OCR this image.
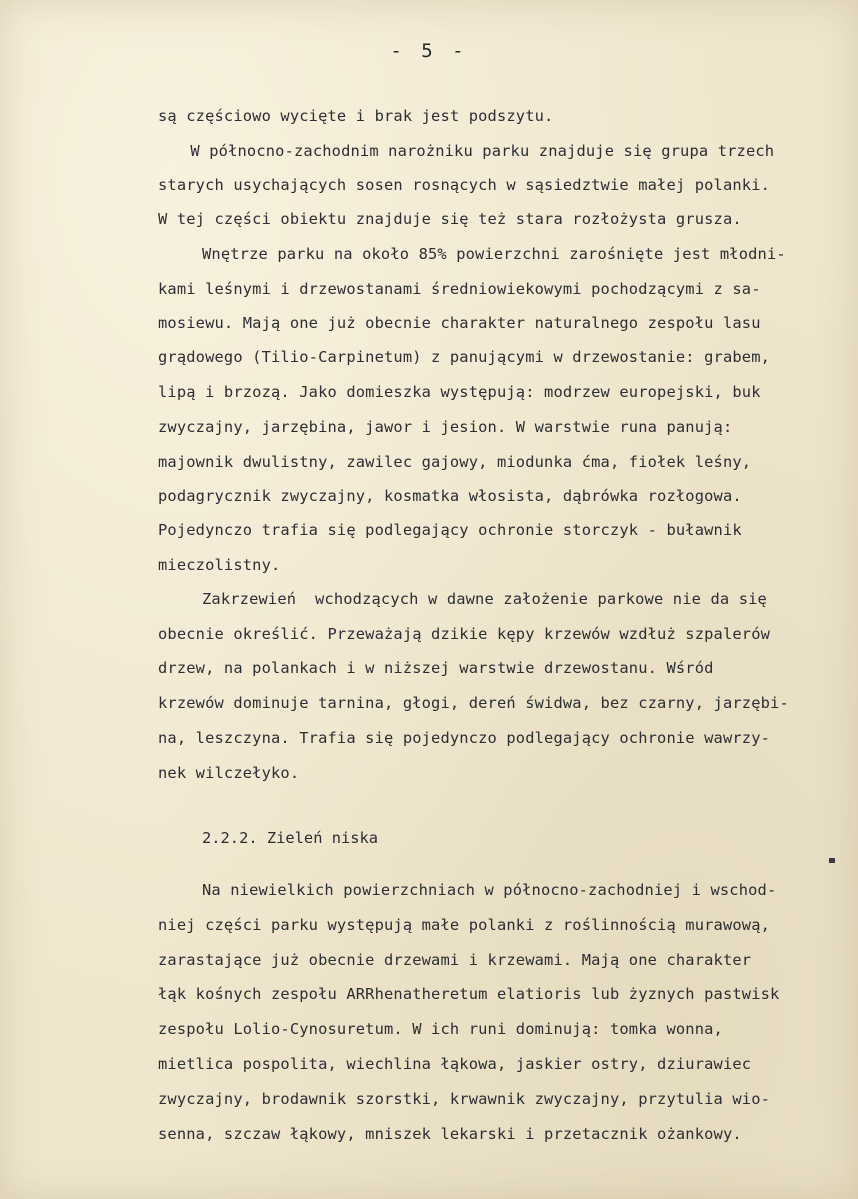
- 5 -
są częściowo wycięte i brak jest podszytu.
W północno-zachodnim narożniku parku znajduje się grupa trzech
starych usychających sosen rosnących w sąsiedztwie małej polanki.
W tej części obiektu znajduje się też stara rozłożysta grusza.
Wnętrze parku na około 85% powierzchni zarośnięte jest młodni-
kami leśnymi i drzewostanami średniowiekowymi pochodzącymi z sa-
mosiewu. Mają one już obecnie charakter naturalnego zespołu lasu
grądowego (Tilio-Carpinetum) z panującymi w drzewostanie: grabem,
lipą i brzozą. Jako domieszka występują: modrzew europejski, buk
zwyczajny, jarzębina, jawor i jesion. W warstwie runa panują:
majownik dwulistny, zawilec gajowy, miodunka ćma, fiołek leśny,
podagrycznik zwyczajny, kosmatka włosista, dąbrówka rozłogowa.
Pojedynczo trafia się podlegający ochronie storczyk - buławnik
mieczolistny.
Zakrzewień  wchodzących w dawne założenie parkowe nie da się
obecnie określić. Przeważają dzikie kępy krzewów wzdłuż szpalerów
drzew, na polankach i w niższej warstwie drzewostanu. Wśród
krzewów dominuje tarnina, głogi, dereń świdwa, bez czarny, jarzębi-
na, leszczyna. Trafia się pojedynczo podlegający ochronie wawrzy-
nek wilczełyko.
2.2.2. Zieleń niska
Na niewielkich powierzchniach w północno-zachodniej i wschod-
niej części parku występują małe polanki z roślinnością murawową,
zarastające już obecnie drzewami i krzewami. Mają one charakter
łąk kośnych zespołu ARRhenatheretum elatioris lub żyznych pastwisk
zespołu Lolio-Cynosuretum. W ich runi dominują: tomka wonna,
mietlica pospolita, wiechlina łąkowa, jaskier ostry, dziurawiec
zwyczajny, brodawnik szorstki, krwawnik zwyczajny, przytulia wio-
senna, szczaw łąkowy, mniszek lekarski i przetacznik ożankowy.
